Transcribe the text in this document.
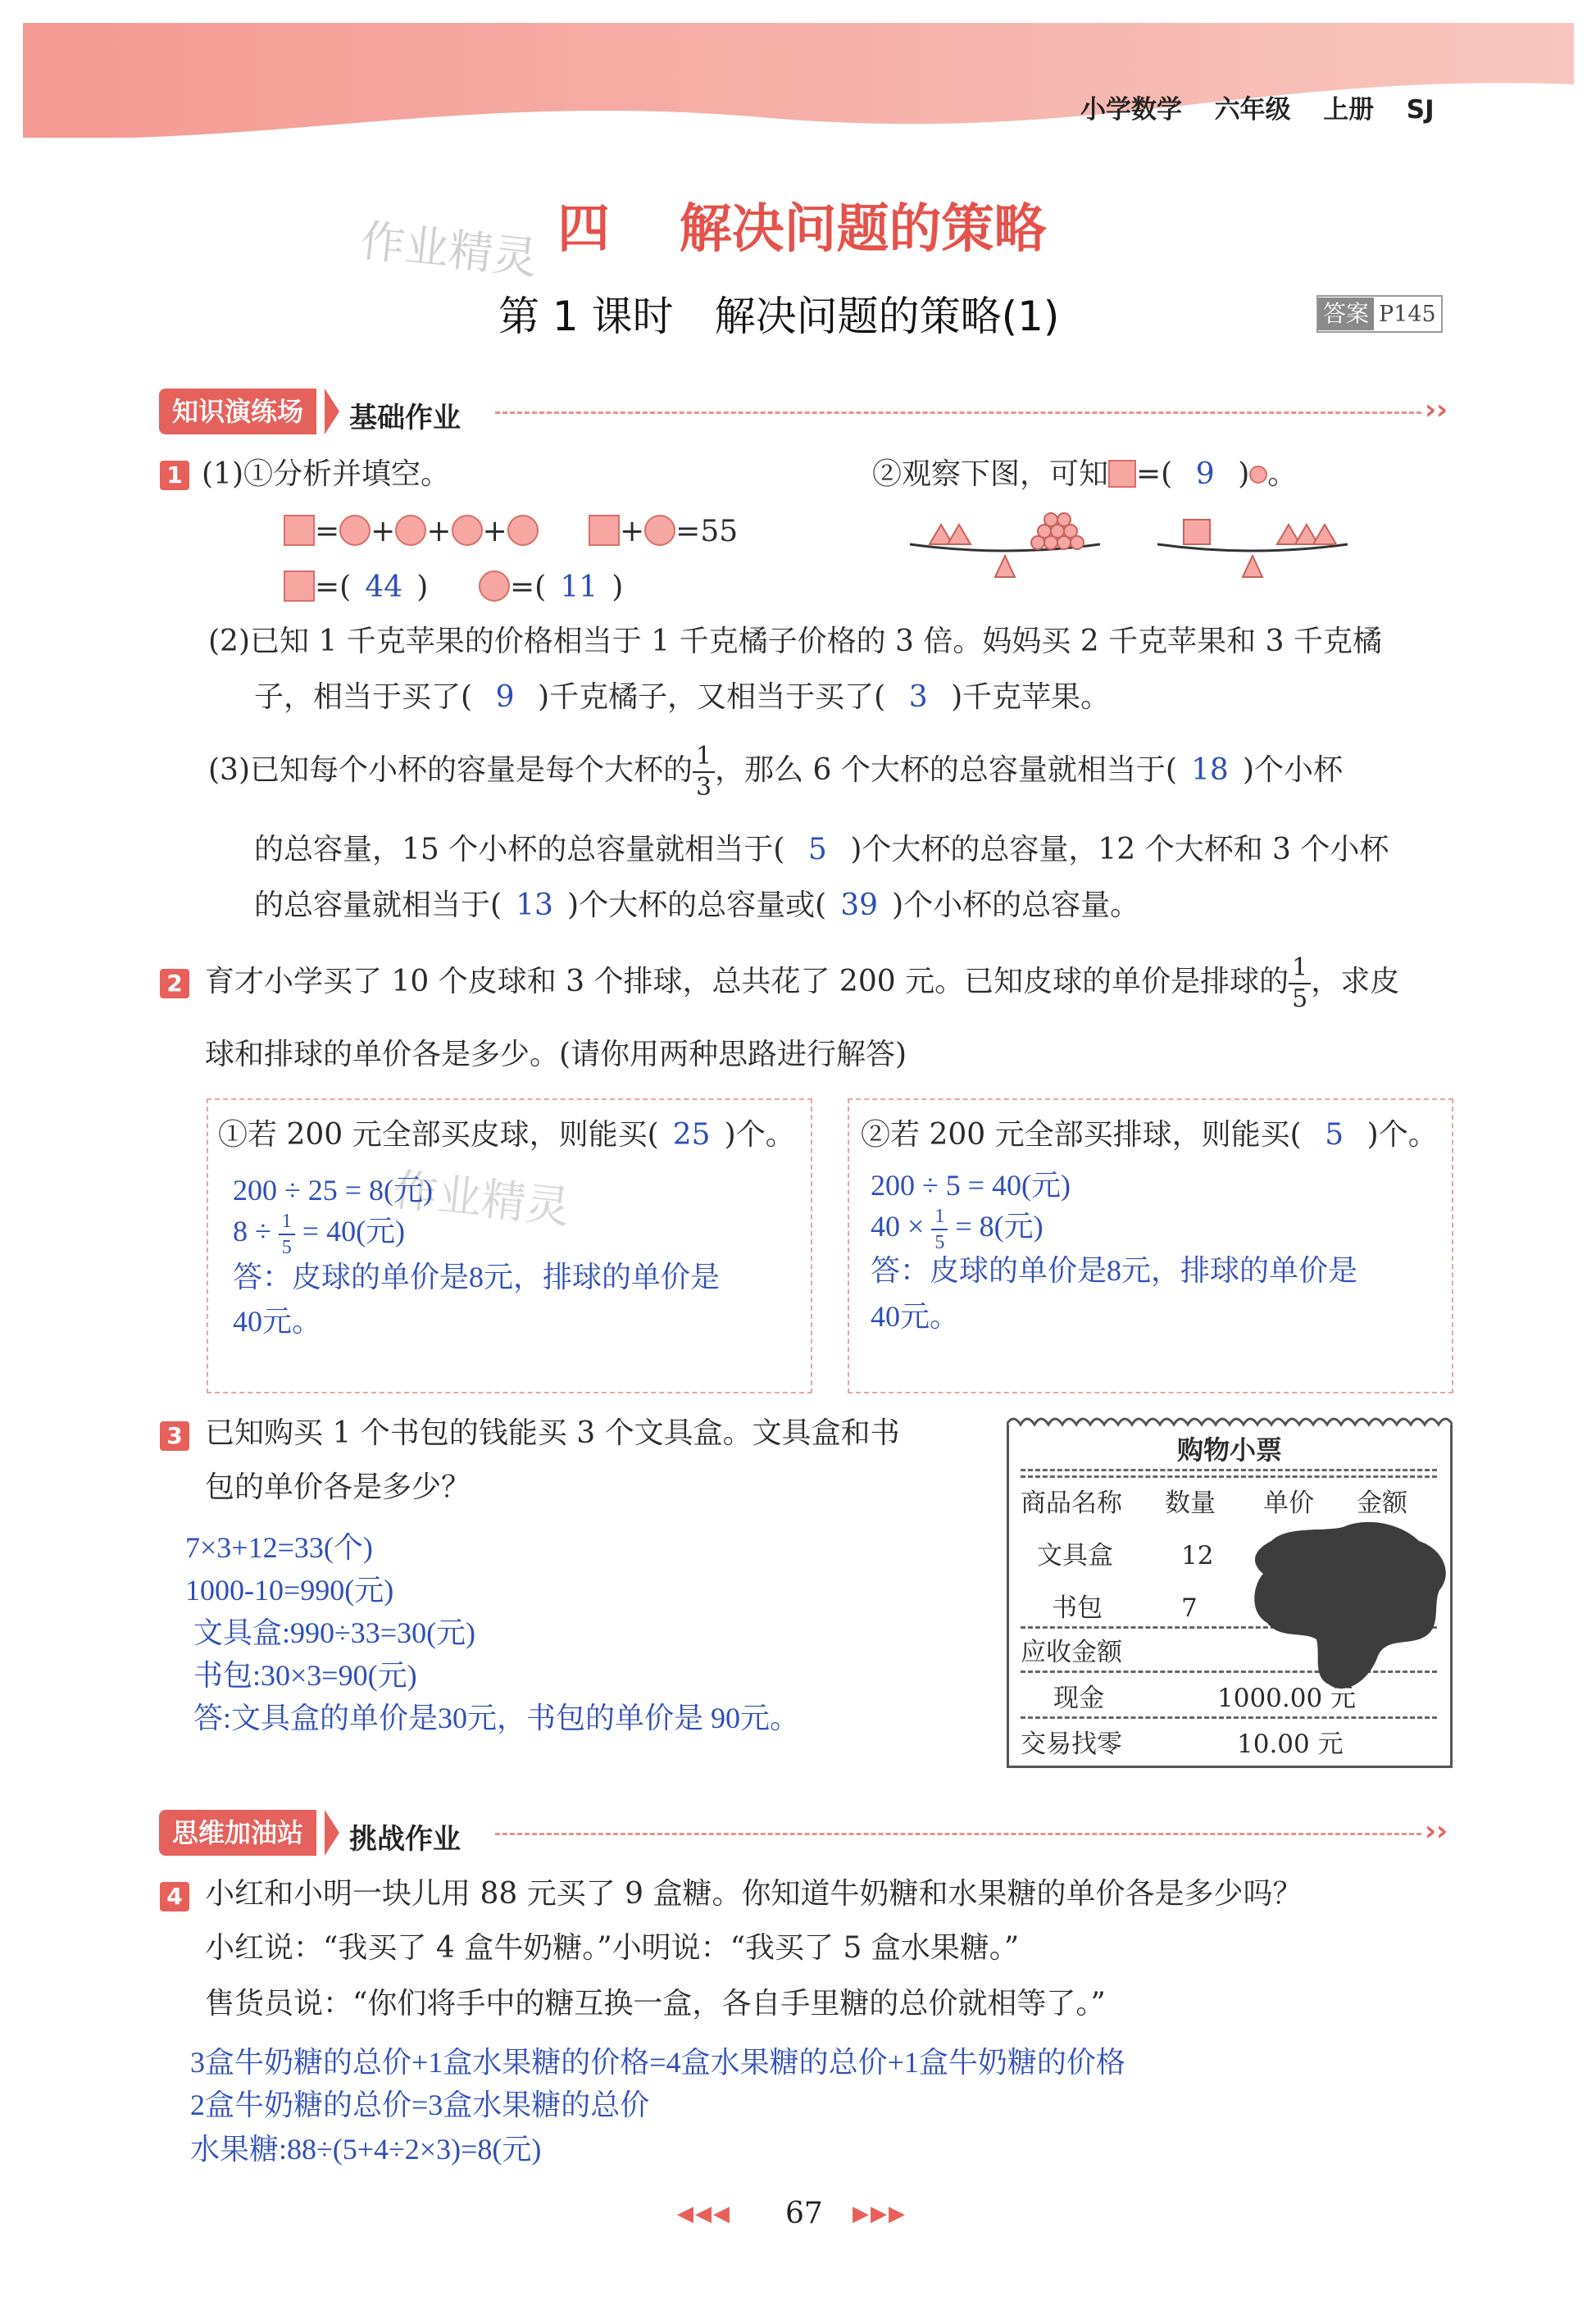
小学数学 六年级 上册 SJ
作业精灵
作业精灵
四 解决问题的策略
第 1 课时　解决问题的策略(1)	答案 P145
知识演练场	基础作业	››
1 (1)①分析并填空。
= + + +	+ =55
=( 44 )	=( 11 )
②观察下图，可知 =( 9 ) 。
(2)已知 1 千克苹果的价格相当于 1 千克橘子价格的 3 倍。妈妈买 2 千克苹果和 3 千克橘
子，相当于买了( 9 )千克橘子，又相当于买了( 3 )千克苹果。
(3)已知每个小杯的容量是每个大杯的 $\frac{1}{3}$ ，那么 6 个大杯的总容量就相当于( 18 )个小杯
的总容量，15 个小杯的总容量就相当于( 5 )个大杯的总容量，12 个大杯和 3 个小杯
的总容量就相当于( 13 )个大杯的总容量或( 39 )个小杯的总容量。
2 育才小学买了 10 个皮球和 3 个排球，总共花了 200 元。已知皮球的单价是排球的 $\frac{1}{5}$ ，求皮
球和排球的单价各是多少。(请你用两种思路进行解答)
①若 200 元全部买皮球，则能买( 25 )个。
200 ÷ 25 = 8(元)
$8 \div \frac{1}{5} = 40$(元)
答：皮球的单价是8元，排球的单价是
40元。
②若 200 元全部买排球，则能买( 5 )个。
200 ÷ 5 = 40(元)
$40 \times \frac{1}{5} = 8$(元)
答：皮球的单价是8元，排球的单价是
40元。
3 已知购买 1 个书包的钱能买 3 个文具盒。文具盒和书
包的单价各是多少？
7×3+12=33(个)
1000-10=990(元)
文具盒:990÷33=30(元)
书包:30×3=90(元)
答:文具盒的单价是30元，书包的单价是 90元。
购物小票
商品名称 数量 单价 金额
文具盒	12
书包	7
应收金额
现金	1000.00 元
交易找零	10.00 元
思维加油站	挑战作业	››
4 小红和小明一块儿用 88 元买了 9 盒糖。你知道牛奶糖和水果糖的单价各是多少吗？
小红说：“我买了 4 盒牛奶糖。”小明说：“我买了 5 盒水果糖。”
售货员说：“你们将手中的糖互换一盒，各自手里糖的总价就相等了。”
3盒牛奶糖的总价+1盒水果糖的价格=4盒水果糖的总价+1盒牛奶糖的价格
2盒牛奶糖的总价=3盒水果糖的总价
水果糖:88÷(5+4÷2×3)=8(元)
◀◀◀ 67 ▶▶▶
